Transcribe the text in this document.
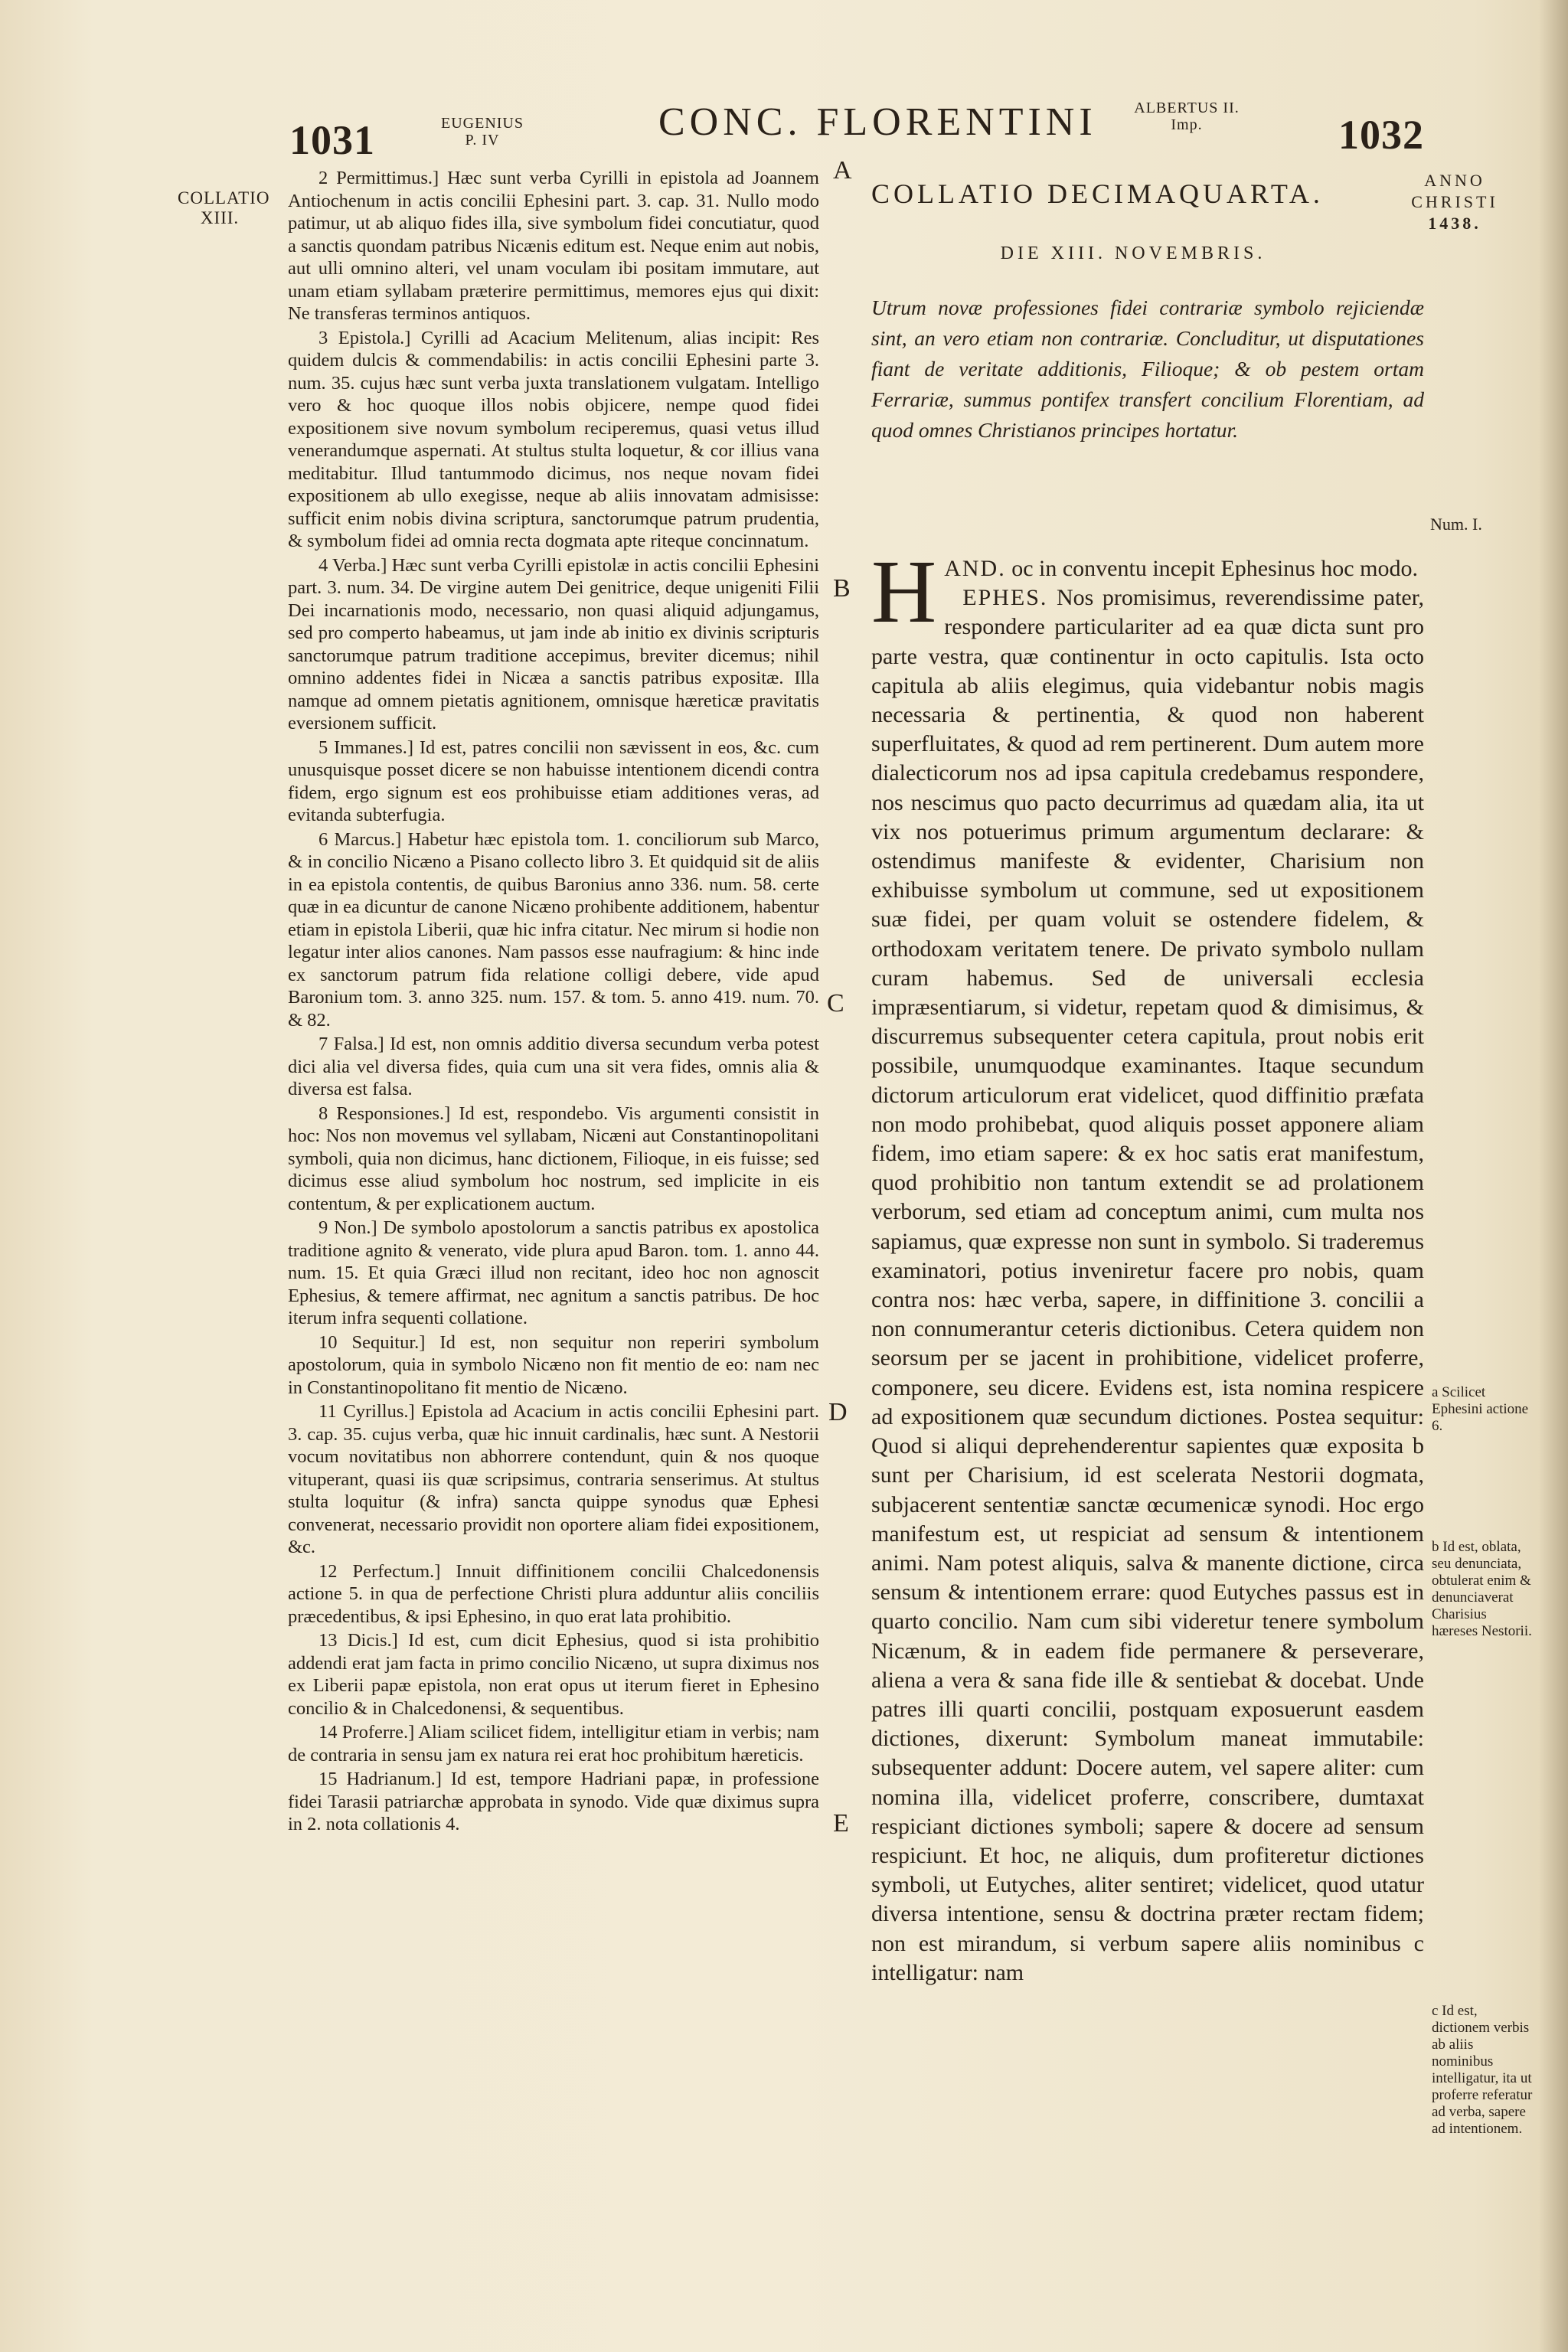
1031	EUGENIUS
P. IV	CONC. FLORENTINI	ALBERTUS II.
Imp.	1032
COLLATIO
XIII.

2 Permittimus.] Hæc sunt verba Cyrilli in epistola ad Joannem Antiochenum in actis concilii Ephesini part. 3. cap. 31. Nullo modo patimur, ut ab aliquo fides illa, sive symbolum fidei concutiatur, quod a sanctis quondam patribus Nicænis editum est. Neque enim aut nobis, aut ulli omnino alteri, vel unam voculam ibi positam immutare, aut unam etiam syllabam præterire permittimus, memores ejus qui dixit: Ne transferas terminos antiquos.

3 Epistola.] Cyrilli ad Acacium Melitenum, alias incipit: Res quidem dulcis & commendabilis: in actis concilii Ephesini parte 3. num. 35. cujus hæc sunt verba juxta translationem vulgatam. Intelligo vero & hoc quoque illos nobis objicere, nempe quod fidei expositionem sive novum symbolum reciperemus, quasi vetus illud venerandumque aspernati. At stultus stulta loquetur, & cor illius vana meditabitur. Illud tantummodo dicimus, nos neque novam fidei expositionem ab ullo exegisse, neque ab aliis innovatam admisisse: sufficit enim nobis divina scriptura, sanctorumque patrum prudentia, & symbolum fidei ad omnia recta dogmata apte riteque concinnatum.

4 Verba.] Hæc sunt verba Cyrilli epistolæ in actis concilii Ephesini part. 3. num. 34. De virgine autem Dei genitrice, deque unigeniti Filii Dei incarnationis modo, necessario, non quasi aliquid adjungamus, sed pro comperto habeamus, ut jam inde ab initio ex divinis scripturis sanctorumque patrum traditione accepimus, breviter dicemus; nihil omnino addentes fidei in Nicæa a sanctis patribus expositæ. Illa namque ad omnem pietatis agnitionem, omnisque hæreticæ pravitatis eversionem sufficit.

5 Immanes.] Id est, patres concilii non sævissent in eos, &c. cum unusquisque posset dicere se non habuisse intentionem dicendi contra fidem, ergo signum est eos prohibuisse etiam additiones veras, ad evitanda subterfugia.

6 Marcus.] Habetur hæc epistola tom. 1. conciliorum sub Marco, & in concilio Nicæno a Pisano collecto libro 3. Et quidquid sit de aliis in ea epistola contentis, de quibus Baronius anno 336. num. 58. certe quæ in ea dicuntur de canone Nicæno prohibente additionem, habentur etiam in epistola Liberii, quæ hic infra citatur. Nec mirum si hodie non legatur inter alios canones. Nam passos esse naufragium: & hinc inde ex sanctorum patrum fida relatione colligi debere, vide apud Baronium tom. 3. anno 325. num. 157. & tom. 5. anno 419. num. 70. & 82.

7 Falsa.] Id est, non omnis additio diversa secundum verba potest dici alia vel diversa fides, quia cum una sit vera fides, omnis alia & diversa est falsa.

8 Responsiones.] Id est, respondebo. Vis argumenti consistit in hoc: Nos non movemus vel syllabam, Nicæni aut Constantinopolitani symboli, quia non dicimus, hanc dictionem, Filioque, in eis fuisse; sed dicimus esse aliud symbolum hoc nostrum, sed implicite in eis contentum, & per explicationem auctum.

9 Non.] De symbolo apostolorum a sanctis patribus ex apostolica traditione agnito & venerato, vide plura apud Baron. tom. 1. anno 44. num. 15. Et quia Græci illud non recitant, ideo hoc non agnoscit Ephesius, & temere affirmat, nec agnitum a sanctis patribus. De hoc iterum infra sequenti collatione.

10 Sequitur.] Id est, non sequitur non reperiri symbolum apostolorum, quia in symbolo Nicæno non fit mentio de eo: nam nec in Constantinopolitano fit mentio de Nicæno.

11 Cyrillus.] Epistola ad Acacium in actis concilii Ephesini part. 3. cap. 35. cujus verba, quæ hic innuit cardinalis, hæc sunt. A Nestorii vocum novitatibus non abhorrere contendunt, quin & nos quoque vituperant, quasi iis quæ scripsimus, contraria senserimus. At stultus stulta loquitur (& infra) sancta quippe synodus quæ Ephesi convenerat, necessario providit non oportere aliam fidei expositionem, &c.

12 Perfectum.] Innuit diffinitionem concilii Chalcedonensis actione 5. in qua de perfectione Christi plura adduntur aliis conciliis præcedentibus, & ipsi Ephesino, in quo erat lata prohibitio.

13 Dicis.] Id est, cum dicit Ephesius, quod si ista prohibitio addendi erat jam facta in primo concilio Nicæno, ut supra diximus nos ex Liberii papæ epistola, non erat opus ut iterum fieret in Ephesino concilio & in Chalcedonensi, & sequentibus.

14 Proferre.] Aliam scilicet fidem, intelligitur etiam in verbis; nam de contraria in sensu jam ex natura rei erat hoc prohibitum hæreticis.

15 Hadrianum.] Id est, tempore Hadriani papæ, in professione fidei Tarasii patriarchæ approbata in synodo. Vide quæ diximus supra in 2. nota collationis 4.

A
B
C
D
E
COLLATIO DECIMAQUARTA.	ANNO
CHRISTI
1438.
DIE XIII. NOVEMBRIS.
Utrum novæ professiones fidei contrariæ symbolo rejiciendæ sint, an vero etiam non contrariæ. Concluditur, ut disputationes fiant de veritate additionis, Filioque; & ob pestem ortam Ferrariæ, summus pontifex transfert concilium Florentiam, ad quod omnes Christianos principes hortatur.

AND.
H	oc in conventu incepit Ephesinus hoc modo.
EPHES. Nos promisimus, reverendissime pater, respondere particulariter ad ea quæ dicta sunt pro parte vestra, quæ continentur in octo capitulis. Ista octo capitula ab aliis elegimus, quia videbantur nobis magis necessaria & pertinentia, & quod non haberent superfluitates, & quod ad rem pertinerent. Dum autem more dialecticorum nos ad ipsa capitula credebamus respondere, nos nescimus quo pacto decurrimus ad quædam alia, ita ut vix nos potuerimus primum argumentum declarare: & ostendimus manifeste & evidenter, Charisium non exhibuisse symbolum ut commune, sed ut expositionem suæ fidei, per quam voluit se ostendere fidelem, & orthodoxam veritatem tenere. De privato symbolo nullam curam habemus. Sed de universali ecclesia impræsentiarum, si videtur, repetam quod & dimisimus, & discurremus subsequenter cetera capitula, prout nobis erit possibile, unumquodque examinantes. Itaque secundum dictorum articulorum erat videlicet, quod diffinitio præfata non modo prohibebat, quod aliquis posset apponere aliam fidem, imo etiam sapere: & ex hoc satis erat manifestum, quod prohibitio non tantum extendit se ad prolationem verborum, sed etiam ad conceptum animi, cum multa nos sapiamus, quæ expresse non sunt in symbolo. Si traderemus examinatori, potius inveniretur facere pro nobis, quam contra nos: hæc verba, sapere, in diffinitione 3. concilii a non connumerantur ceteris dictionibus. Cetera quidem non seorsum per se jacent in prohibitione, videlicet proferre, componere, seu dicere. Evidens est, ista nomina respicere ad expositionem quæ secundum dictiones. Postea sequitur: Quod si aliqui deprehenderentur sapientes quæ exposita b sunt per Charisium, id est scelerata Nestorii dogmata, subjacerent sententiæ sanctæ œcumenicæ synodi. Hoc ergo manifestum est, ut respiciat ad sensum & intentionem animi. Nam potest aliquis, salva & manente dictione, circa sensum & intentionem errare: quod Eutyches passus est in quarto concilio. Nam cum sibi videretur tenere symbolum Nicænum, & in eadem fide permanere & perseverare, aliena a vera & sana fide ille & sentiebat & docebat. Unde patres illi quarti concilii, postquam exposuerunt easdem dictiones, dixerunt: Symbolum maneat immutabile: subsequenter addunt: Docere autem, vel sapere aliter: cum nomina illa, videlicet proferre, conscribere, dumtaxat respiciant dictiones symboli; sapere & docere ad sensum respiciunt. Et hoc, ne aliquis, dum profiteretur dictiones symboli, ut Eutyches, aliter sentiret; videlicet, quod utatur diversa intentione, sensu & doctrina præter rectam fidem; non est mirandum, si verbum sapere aliis nominibus c intelligatur: nam

Num. I.
a Scilicet Ephesini actione 6.
b Id est, oblata, seu denunciata, obtulerat enim & denunciaverat Charisius hæreses Nestorii.
c Id est, dictionem verbis ab aliis nominibus intelligatur, ita ut proferre referatur ad verba, sapere ad intentionem.
